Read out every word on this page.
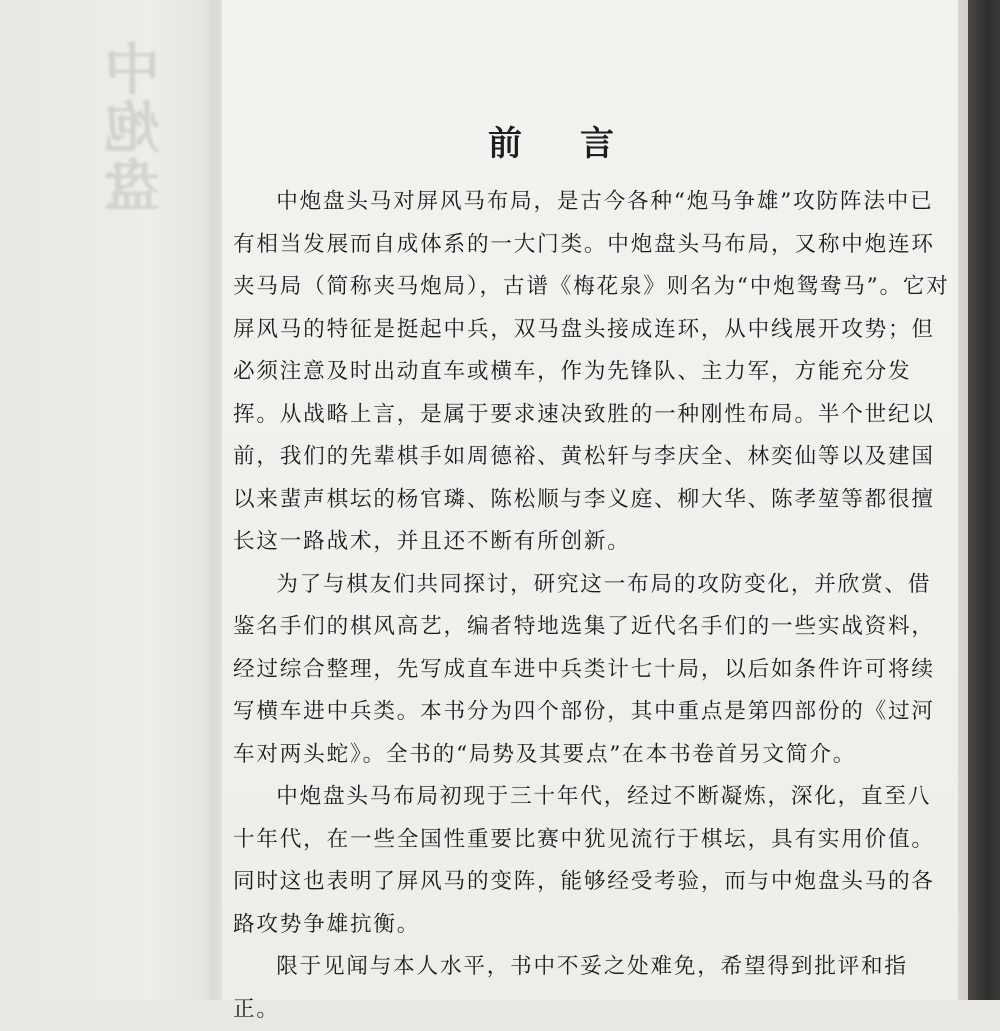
中炮盘	前言

中炮盘头马对屏风马布局，是古今各种“炮马争雄”攻防阵法中已有相当发展而自成体系的一大门类。中炮盘头马布局，又称中炮连环夹马局（简称夹马炮局），古谱《梅花泉》则名为“中炮鸳鸯马”。它对屏风马的特征是挺起中兵，双马盘头接成连环，从中线展开攻势；但必须注意及时出动直车或横车，作为先锋队、主力军，方能充分发挥。从战略上言，是属于要求速决致胜的一种刚性布局。半个世纪以前，我们的先辈棋手如周德裕、黄松轩与李庆全、林奕仙等以及建国以来蜚声棋坛的杨官璘、陈松顺与李义庭、柳大华、陈孝堃等都很擅长这一路战术，并且还不断有所创新。

为了与棋友们共同探讨，研究这一布局的攻防变化，并欣赏、借鉴名手们的棋风高艺，编者特地选集了近代名手们的一些实战资料，经过综合整理，先写成直车进中兵类计七十局，以后如条件许可将续写横车进中兵类。本书分为四个部份，其中重点是第四部份的《过河车对两头蛇》。全书的“局势及其要点”在本书卷首另文简介。

中炮盘头马布局初现于三十年代，经过不断凝炼，深化，直至八十年代，在一些全国性重要比赛中犹见流行于棋坛，具有实用价值。同时这也表明了屏风马的变阵，能够经受考验，而与中炮盘头马的各路攻势争雄抗衡。

限于见闻与本人水平，书中不妥之处难免，希望得到批评和指正。
